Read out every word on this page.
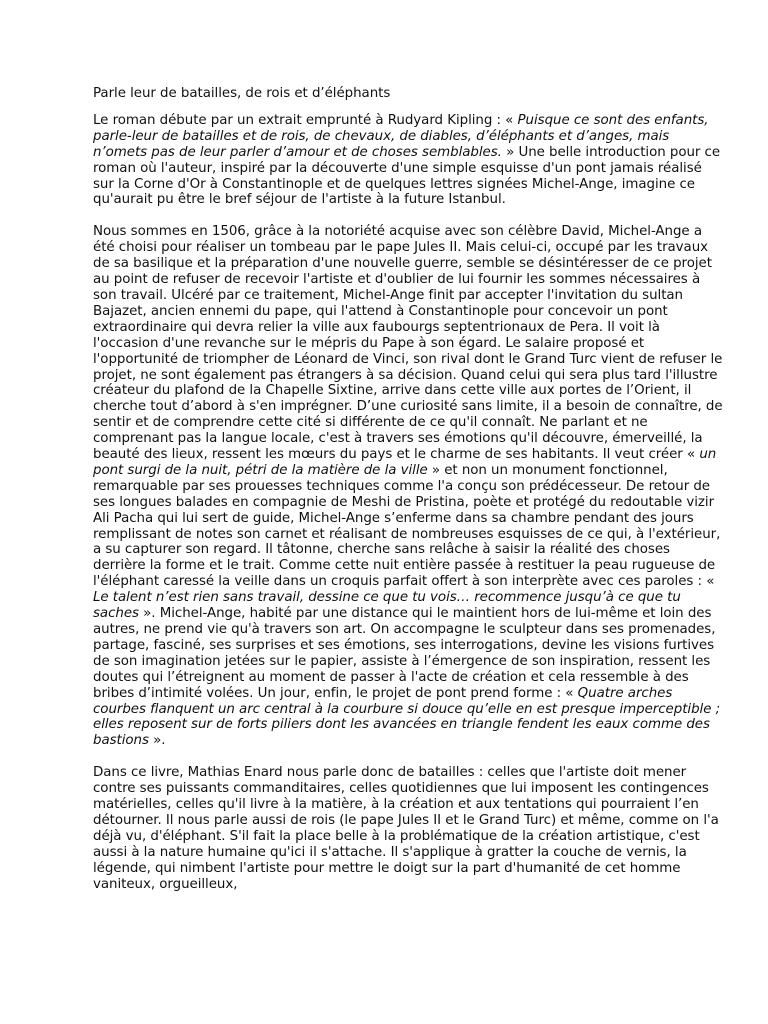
Parle leur de batailles, de rois et d’éléphants

Le roman débute par un extrait emprunté à Rudyard Kipling : « Puisque ce sont des enfants, parle-leur de batailles et de rois, de chevaux, de diables, d’éléphants et d’anges, mais n’omets pas de leur parler d’amour et de choses semblables. » Une belle introduction pour ce roman où l'auteur, inspiré par la découverte d'une simple esquisse d'un pont jamais réalisé sur la Corne d'Or à Constantinople et de quelques lettres signées Michel-Ange, imagine ce qu'aurait pu être le bref séjour de l'artiste à la future Istanbul.

Nous sommes en 1506, grâce à la notoriété acquise avec son célèbre David, Michel-Ange a été choisi pour réaliser un tombeau par le pape Jules II. Mais celui-ci, occupé par les travaux de sa basilique et la préparation d'une nouvelle guerre, semble se désintéresser de ce projet au point de refuser de recevoir l'artiste et d'oublier de lui fournir les sommes nécessaires à son travail. Ulcéré par ce traitement, Michel-Ange finit par accepter l'invitation du sultan Bajazet, ancien ennemi du pape, qui l'attend à Constantinople pour concevoir un pont extraordinaire qui devra relier la ville aux faubourgs septentrionaux de Pera. Il voit là l'occasion d'une revanche sur le mépris du Pape à son égard. Le salaire proposé et l'opportunité de triompher de Léonard de Vinci, son rival dont le Grand Turc vient de refuser le projet, ne sont également pas étrangers à sa décision. Quand celui qui sera plus tard l'illustre créateur du plafond de la Chapelle Sixtine, arrive dans cette ville aux portes de l’Orient, il cherche tout d’abord à s'en imprégner. D’une curiosité sans limite, il a besoin de connaître, de sentir et de comprendre cette cité si différente de ce qu'il connaît. Ne parlant et ne comprenant pas la langue locale, c'est à travers ses émotions qu'il découvre, émerveillé, la beauté des lieux, ressent les mœurs du pays et le charme de ses habitants. Il veut créer « un pont surgi de la nuit, pétri de la matière de la ville » et non un monument fonctionnel, remarquable par ses prouesses techniques comme l'a conçu son prédécesseur. De retour de ses longues balades en compagnie de Meshi de Pristina, poète et protégé du redoutable vizir Ali Pacha qui lui sert de guide, Michel-Ange s’enferme dans sa chambre pendant des jours remplissant de notes son carnet et réalisant de nombreuses esquisses de ce qui, à l'extérieur, a su capturer son regard. Il tâtonne, cherche sans relâche à saisir la réalité des choses derrière la forme et le trait. Comme cette nuit entière passée à restituer la peau rugueuse de l'éléphant caressé la veille dans un croquis parfait offert à son interprète avec ces paroles : « Le talent n’est rien sans travail, dessine ce que tu vois… recommence jusqu’à ce que tu saches ». Michel-Ange, habité par une distance qui le maintient hors de lui-même et loin des autres, ne prend vie qu'à travers son art. On accompagne le sculpteur dans ses promenades, partage, fasciné, ses surprises et ses émotions, ses interrogations, devine les visions furtives de son imagination jetées sur le papier, assiste à l’émergence de son inspiration, ressent les doutes qui l’étreignent au moment de passer à l'acte de création et cela ressemble à des bribes d’intimité volées. Un jour, enfin, le projet de pont prend forme : « Quatre arches courbes flanquent un arc central à la courbure si douce qu’elle en est presque imperceptible ; elles reposent sur de forts piliers dont les avancées en triangle fendent les eaux comme des bastions ».

Dans ce livre, Mathias Enard nous parle donc de batailles : celles que l'artiste doit mener contre ses puissants commanditaires, celles quotidiennes que lui imposent les contingences matérielles, celles qu'il livre à la matière, à la création et aux tentations qui pourraient l’en détourner. Il nous parle aussi de rois (le pape Jules II et le Grand Turc) et même, comme on l'a déjà vu, d'éléphant. S'il fait la place belle à la problématique de la création artistique, c'est aussi à la nature humaine qu'ici il s'attache. Il s'applique à gratter la couche de vernis, la légende, qui nimbent l'artiste pour mettre le doigt sur la part d'humanité de cet homme vaniteux, orgueilleux,
